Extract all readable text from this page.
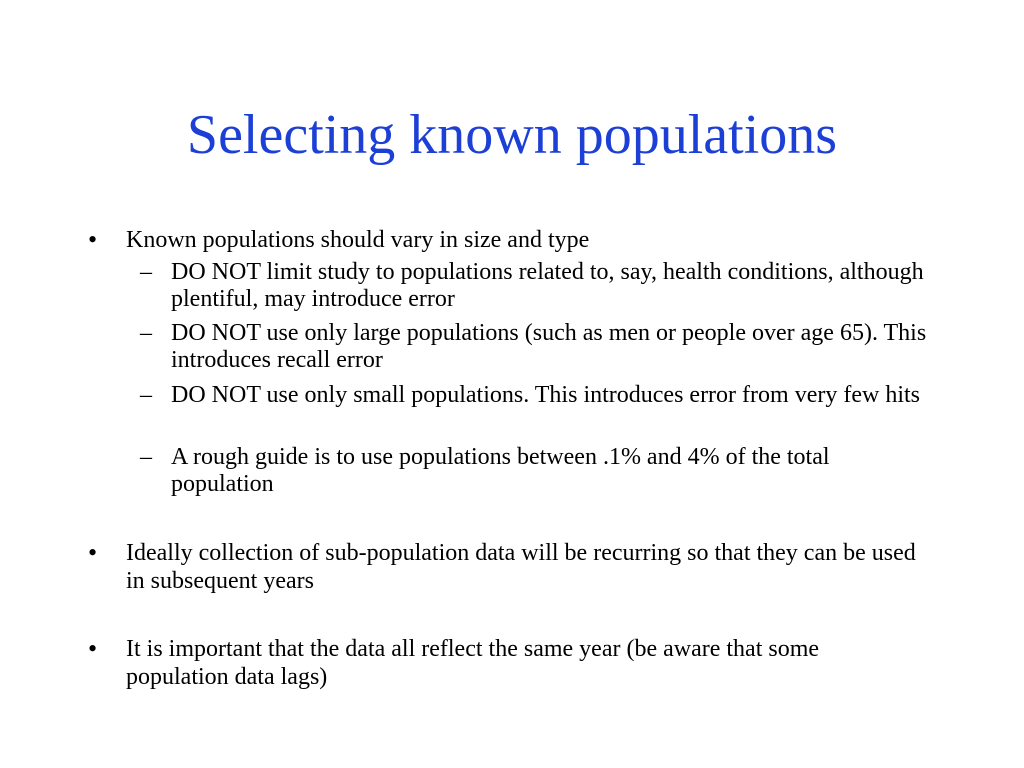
Selecting known populations
• Known populations should vary in size and type
– DO NOT limit study to populations related to, say, health conditions, although plentiful, may introduce error
– DO NOT use only large populations (such as men or people over age 65). This introduces recall error
– DO NOT use only small populations. This introduces error from very few hits
– A rough guide is to use populations between .1% and 4% of the total population
• Ideally collection of sub-population data will be recurring so that they can be used in subsequent years
• It is important that the data all reflect the same year (be aware that some population data lags)
